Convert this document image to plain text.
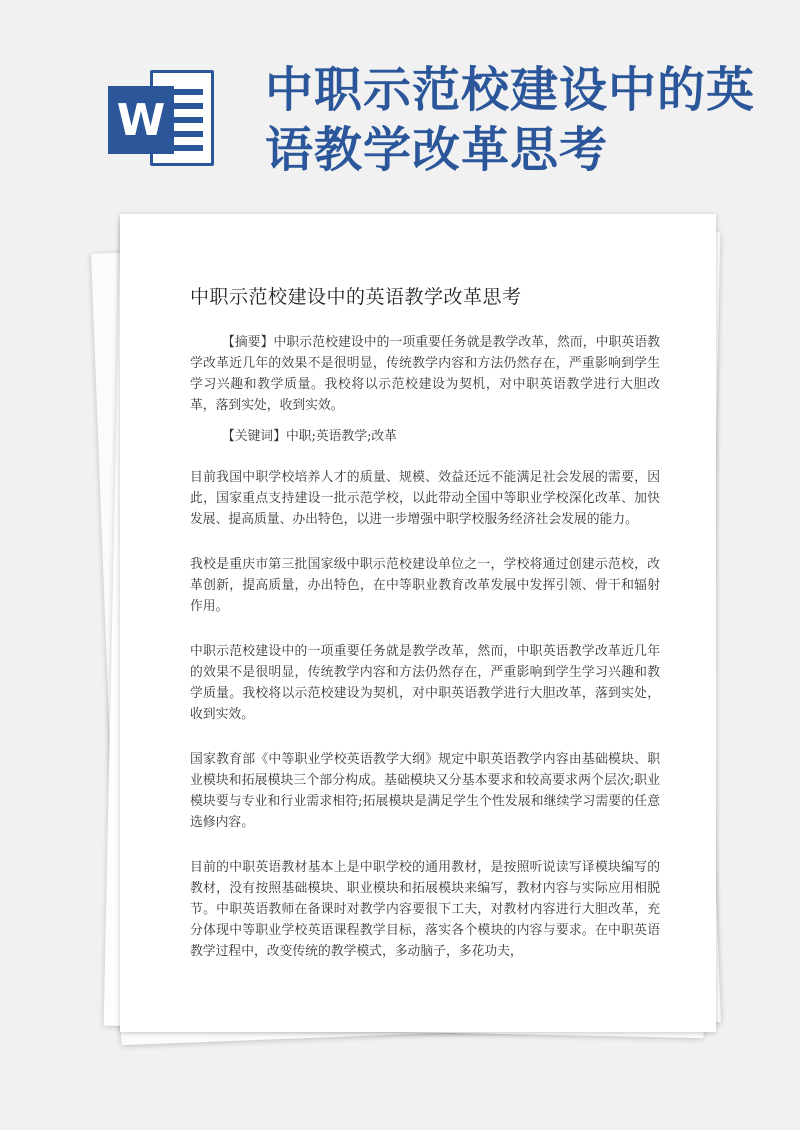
W
中职示范校建设中的英语教学改革思考
中职示范校建设中的英语教学改革思考

【摘要】中职示范校建设中的一项重要任务就是教学改革，然而，中职英语教学改革近几年的效果不是很明显，传统教学内容和方法仍然存在，严重影响到学生学习兴趣和教学质量。我校将以示范校建设为契机，对中职英语教学进行大胆改革，落到实处，收到实效。

【关键词】中职;英语教学;改革

目前我国中职学校培养人才的质量、规模、效益还远不能满足社会发展的需要，因此，国家重点支持建设一批示范学校，以此带动全国中等职业学校深化改革、加快发展、提高质量、办出特色，以进一步增强中职学校服务经济社会发展的能力。

我校是重庆市第三批国家级中职示范校建设单位之一，学校将通过创建示范校，改革创新，提高质量，办出特色，在中等职业教育改革发展中发挥引领、骨干和辐射作用。

中职示范校建设中的一项重要任务就是教学改革，然而，中职英语教学改革近几年的效果不是很明显，传统教学内容和方法仍然存在，严重影响到学生学习兴趣和教学质量。我校将以示范校建设为契机，对中职英语教学进行大胆改革，落到实处，收到实效。

国家教育部《中等职业学校英语教学大纲》规定中职英语教学内容由基础模块、职业模块和拓展模块三个部分构成。基础模块又分基本要求和较高要求两个层次;职业模块要与专业和行业需求相符;拓展模块是满足学生个性发展和继续学习需要的任意选修内容。

目前的中职英语教材基本上是中职学校的通用教材，是按照听说读写译模块编写的教材，没有按照基础模块、职业模块和拓展模块来编写，教材内容与实际应用相脱节。中职英语教师在备课时对教学内容要很下工夫，对教材内容进行大胆改革，充分体现中等职业学校英语课程教学目标，落实各个模块的内容与要求。在中职英语教学过程中，改变传统的教学模式，多动脑子，多花功夫，
